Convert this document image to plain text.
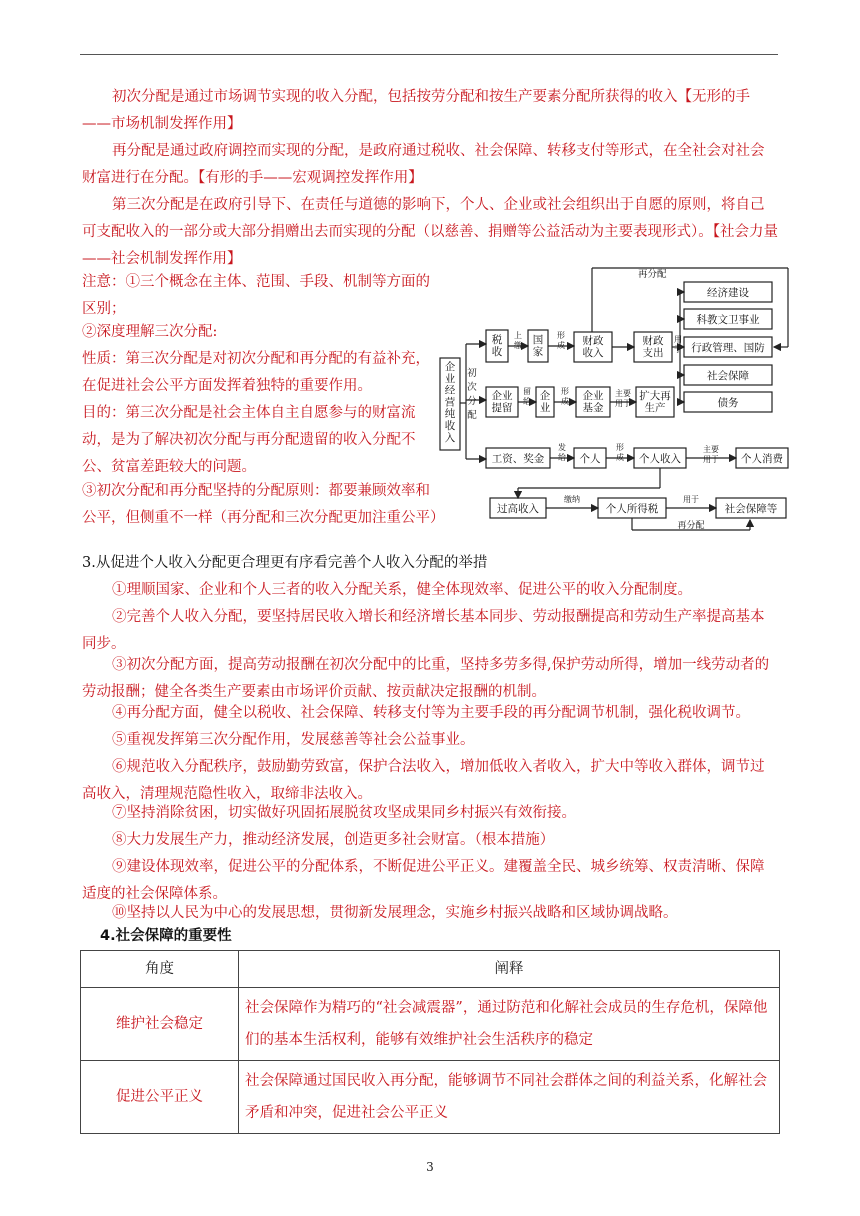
初次分配是通过市场调节实现的收入分配，包括按劳分配和按生产要素分配所获得的收入【无形的手——市场机制发挥作用】

再分配是通过政府调控而实现的分配，是政府通过税收、社会保障、转移支付等形式，在全社会对社会财富进行在分配。【有形的手——宏观调控发挥作用】

第三次分配是在政府引导下、在责任与道德的影响下，个人、企业或社会组织出于自愿的原则，将自己可支配收入的一部分或大部分捐赠出去而实现的分配（以慈善、捐赠等公益活动为主要表现形式）。【社会力量——社会机制发挥作用】

注意：①三个概念在主体、范围、手段、机制等方面的区别；

②深度理解三次分配:

性质：第三次分配是对初次分配和再分配的有益补充，在促进社会公平方面发挥着独特的重要作用。

目的：第三次分配是社会主体自主自愿参与的财富流动，是为了解决初次分配与再分配遗留的收入分配不公、贫富差距较大的问题。

③初次分配和再分配坚持的分配原则：都要兼顾效率和公平，但侧重不一样（再分配和三次分配更加注重公平）

企业经营纯收入
初次分配
再分配
税收
上缴 国家
形成 财政收入
财政支出
用于
经济建设
科教文卫事业
行政管理、国防
社会保障
债务
企业提留
留给 企业
形成 企业基金
主要用于
扩大再生产
工资、奖金
发给 个人
形成 个人收入
主要用于 个人消费
过高收入
缴纳
个人所得税
用于
社会保障等
再分配
3.从促进个人收入分配更合理更有序看完善个人收入分配的举措

①理顺国家、企业和个人三者的收入分配关系，健全体现效率、促进公平的收入分配制度。

②完善个人收入分配，要坚持居民收入增长和经济增长基本同步、劳动报酬提高和劳动生产率提高基本同步。

③初次分配方面，提高劳动报酬在初次分配中的比重，坚持多劳多得,保护劳动所得，增加一线劳动者的劳动报酬；健全各类生产要素由市场评价贡献、按贡献决定报酬的机制。

④再分配方面，健全以税收、社会保障、转移支付等为主要手段的再分配调节机制，强化税收调节。

⑤重视发挥第三次分配作用，发展慈善等社会公益事业。

⑥规范收入分配秩序，鼓励勤劳致富，保护合法收入，增加低收入者收入，扩大中等收入群体，调节过高收入，清理规范隐性收入，取缔非法收入。

⑦坚持消除贫困，切实做好巩固拓展脱贫攻坚成果同乡村振兴有效衔接。

⑧大力发展生产力，推动经济发展，创造更多社会财富。（根本措施）

⑨建设体现效率，促进公平的分配体系，不断促进公平正义。建覆盖全民、城乡统筹、权责清晰、保障适度的社会保障体系。

⑩坚持以人民为中心的发展思想，贯彻新发展理念，实施乡村振兴战略和区域协调战略。

4.社会保障的重要性
角度	阐释
维护社会稳定	社会保障作为精巧的“社会减震器”，通过防范和化解社会成员的生存危机，保障他们的基本生活权利，能够有效维护社会生活秩序的稳定
促进公平正义	社会保障通过国民收入再分配，能够调节不同社会群体之间的利益关系，化解社会矛盾和冲突，促进社会公平正义
3
